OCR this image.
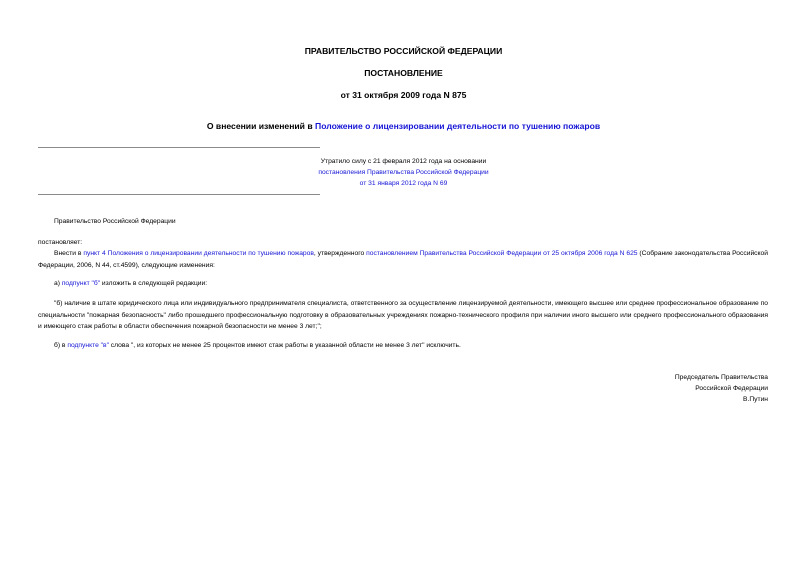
ПРАВИТЕЛЬСТВО РОССИЙСКОЙ ФЕДЕРАЦИИ
ПОСТАНОВЛЕНИЕ
от 31 октября 2009 года N 875
О внесении изменений в Положение о лицензировании деятельности по тушению пожаров
Утратило силу с 21 февраля 2012 года на основании
постановления Правительства Российской Федерации
от 31 января 2012 года N 69
Правительство Российской Федерации
постановляет:
Внести в пункт 4 Положения о лицензировании деятельности по тушению пожаров, утвержденного постановлением Правительства Российской Федерации от 25 октября 2006 года N 625 (Собрание законодательства Российской Федерации, 2006, N 44, ст.4599), следующие изменения:
а) подпункт "б" изложить в следующей редакции:
"б) наличие в штате юридического лица или индивидуального предпринимателя специалиста, ответственного за осуществление лицензируемой деятельности, имеющего высшее или среднее профессиональное образование по специальности "пожарная безопасность" либо прошедшего профессиональную подготовку в образовательных учреждениях пожарно-технического профиля при наличии иного высшего или среднего профессионального образования и имеющего стаж работы в области обеспечения пожарной безопасности не менее 3 лет;";
б) в подпункте "в" слова ", из которых не менее 25 процентов имеют стаж работы в указанной области не менее 3 лет" исключить.
Председатель Правительства
Российской Федерации
В.Путин
